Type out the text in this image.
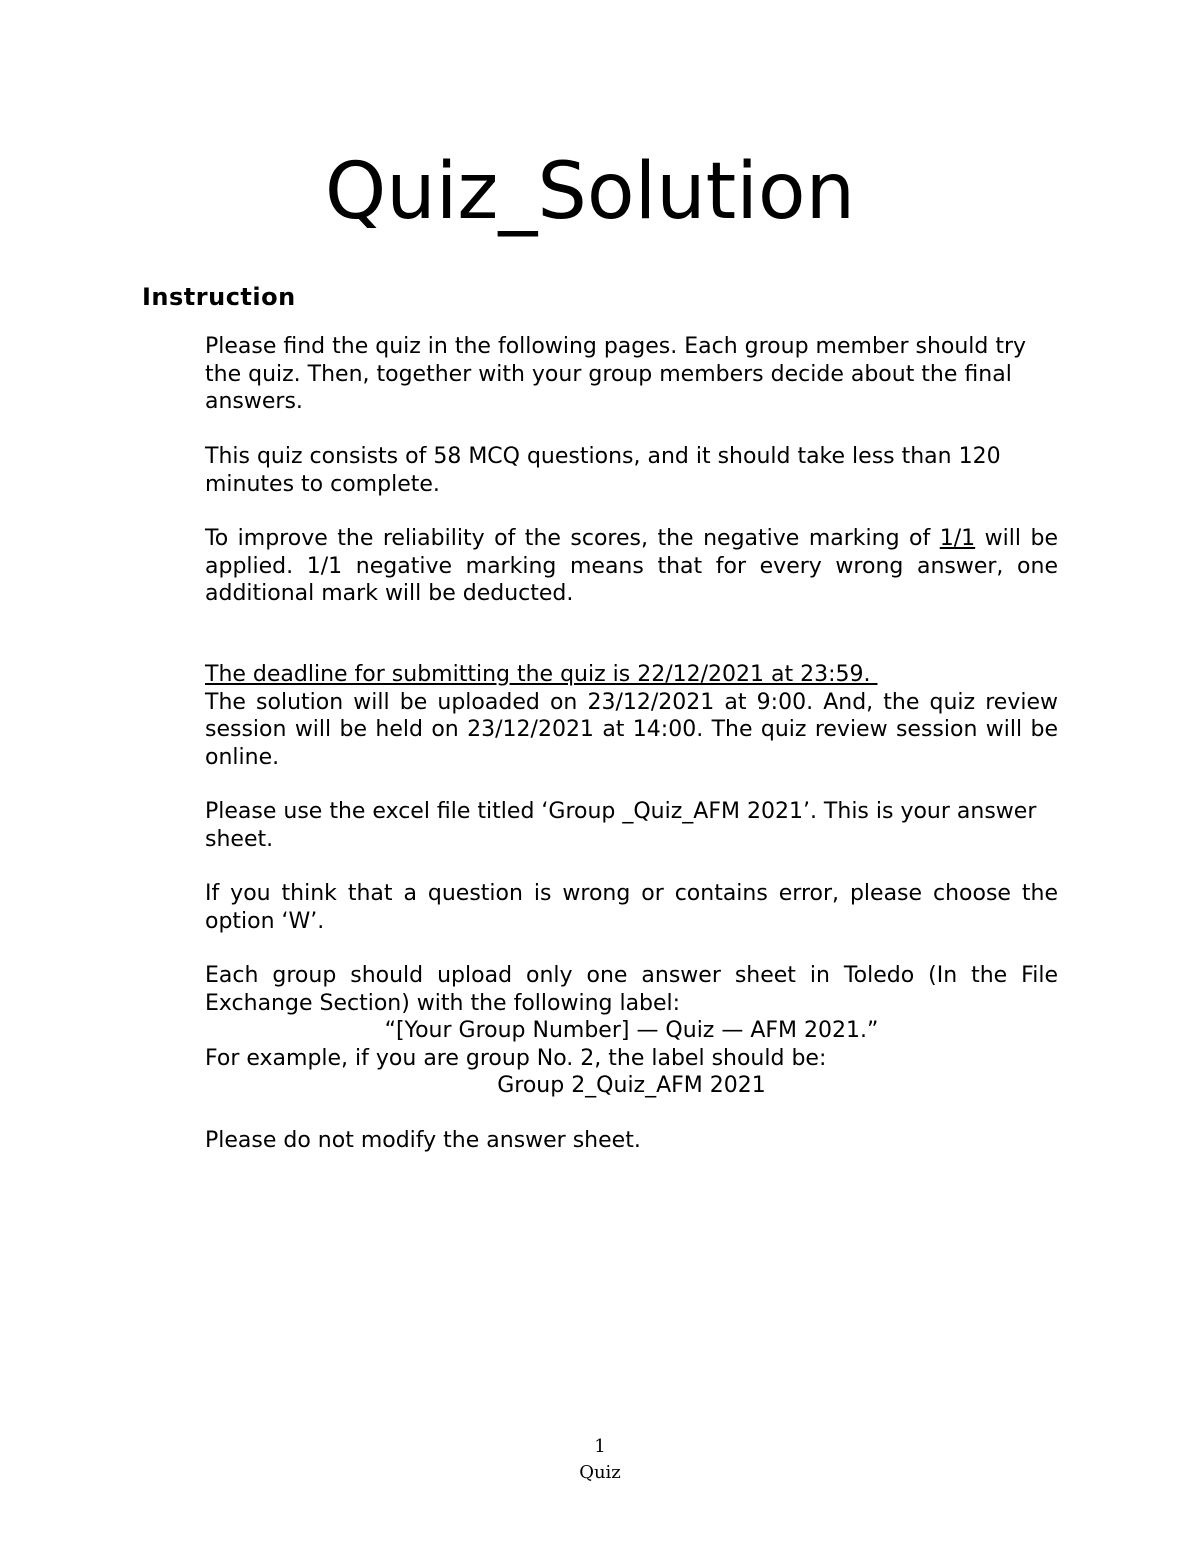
Quiz_Solution
Instruction

Please find the quiz in the following pages. Each group member should try the quiz. Then, together with your group members decide about the final answers.

This quiz consists of 58 MCQ questions, and it should take less than 120 minutes to complete.

To improve the reliability of the scores, the negative marking of 1/1 will be applied. 1/1 negative marking means that for every wrong answer, one additional mark will be deducted.

The deadline for submitting the quiz is 22/12/2021 at 23:59.

The solution will be uploaded on 23/12/2021 at 9:00. And, the quiz review session will be held on 23/12/2021 at 14:00. The quiz review session will be online.

Please use the excel file titled ‘Group _Quiz_AFM 2021’. This is your answer sheet.

If you think that a question is wrong or contains error, please choose the option ‘W’.

Each group should upload only one answer sheet in Toledo (In the File Exchange Section) with the following label:

“[Your Group Number] — Quiz — AFM 2021.”

For example, if you are group No. 2, the label should be:

Group 2_Quiz_AFM 2021

Please do not modify the answer sheet.

1
Quiz
